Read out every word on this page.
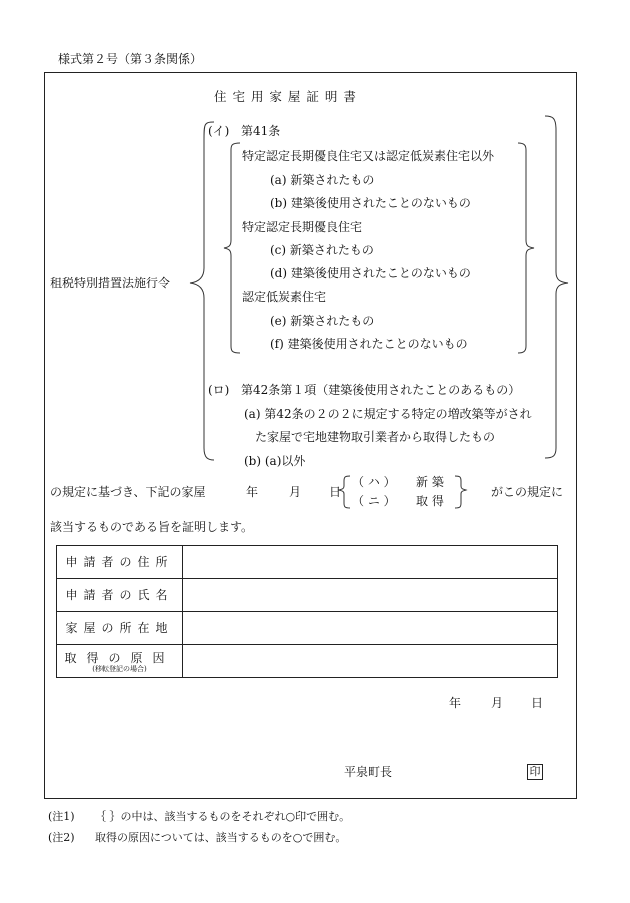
様式第２号（第３条関係）
住 宅 用 家 屋 証 明 書
租税特別措置法施行令
(イ) 第41条
特定認定長期優良住宅又は認定低炭素住宅以外
(a) 新築されたもの
(b) 建築後使用されたことのないもの
特定認定長期優良住宅
(c) 新築されたもの
(d) 建築後使用されたことのないもの
認定低炭素住宅
(e) 新築されたもの
(f) 建築後使用されたことのないもの
(ロ) 第42条第１項（建築後使用されたことのあるもの）
(a) 第42条の２の２に規定する特定の増改築等がされ
た家屋で宅地建物取引業者から取得したもの
(b) (a)以外
の規定に基づき、下記の家屋	年	月 日
（ ハ ） 新 築
（ ニ ） 取 得
がこの規定に
該当するものである旨を証明します。
申請者の住所	
申請者の氏名	
家屋の所在地	

取得の原因
(移転登記の場合)	

年 月 日
平泉町長	印
(注1) ｛ ｝の中は、該当するものをそれぞれ○印で囲む。
(注2) 取得の原因については、該当するものを○で囲む。
